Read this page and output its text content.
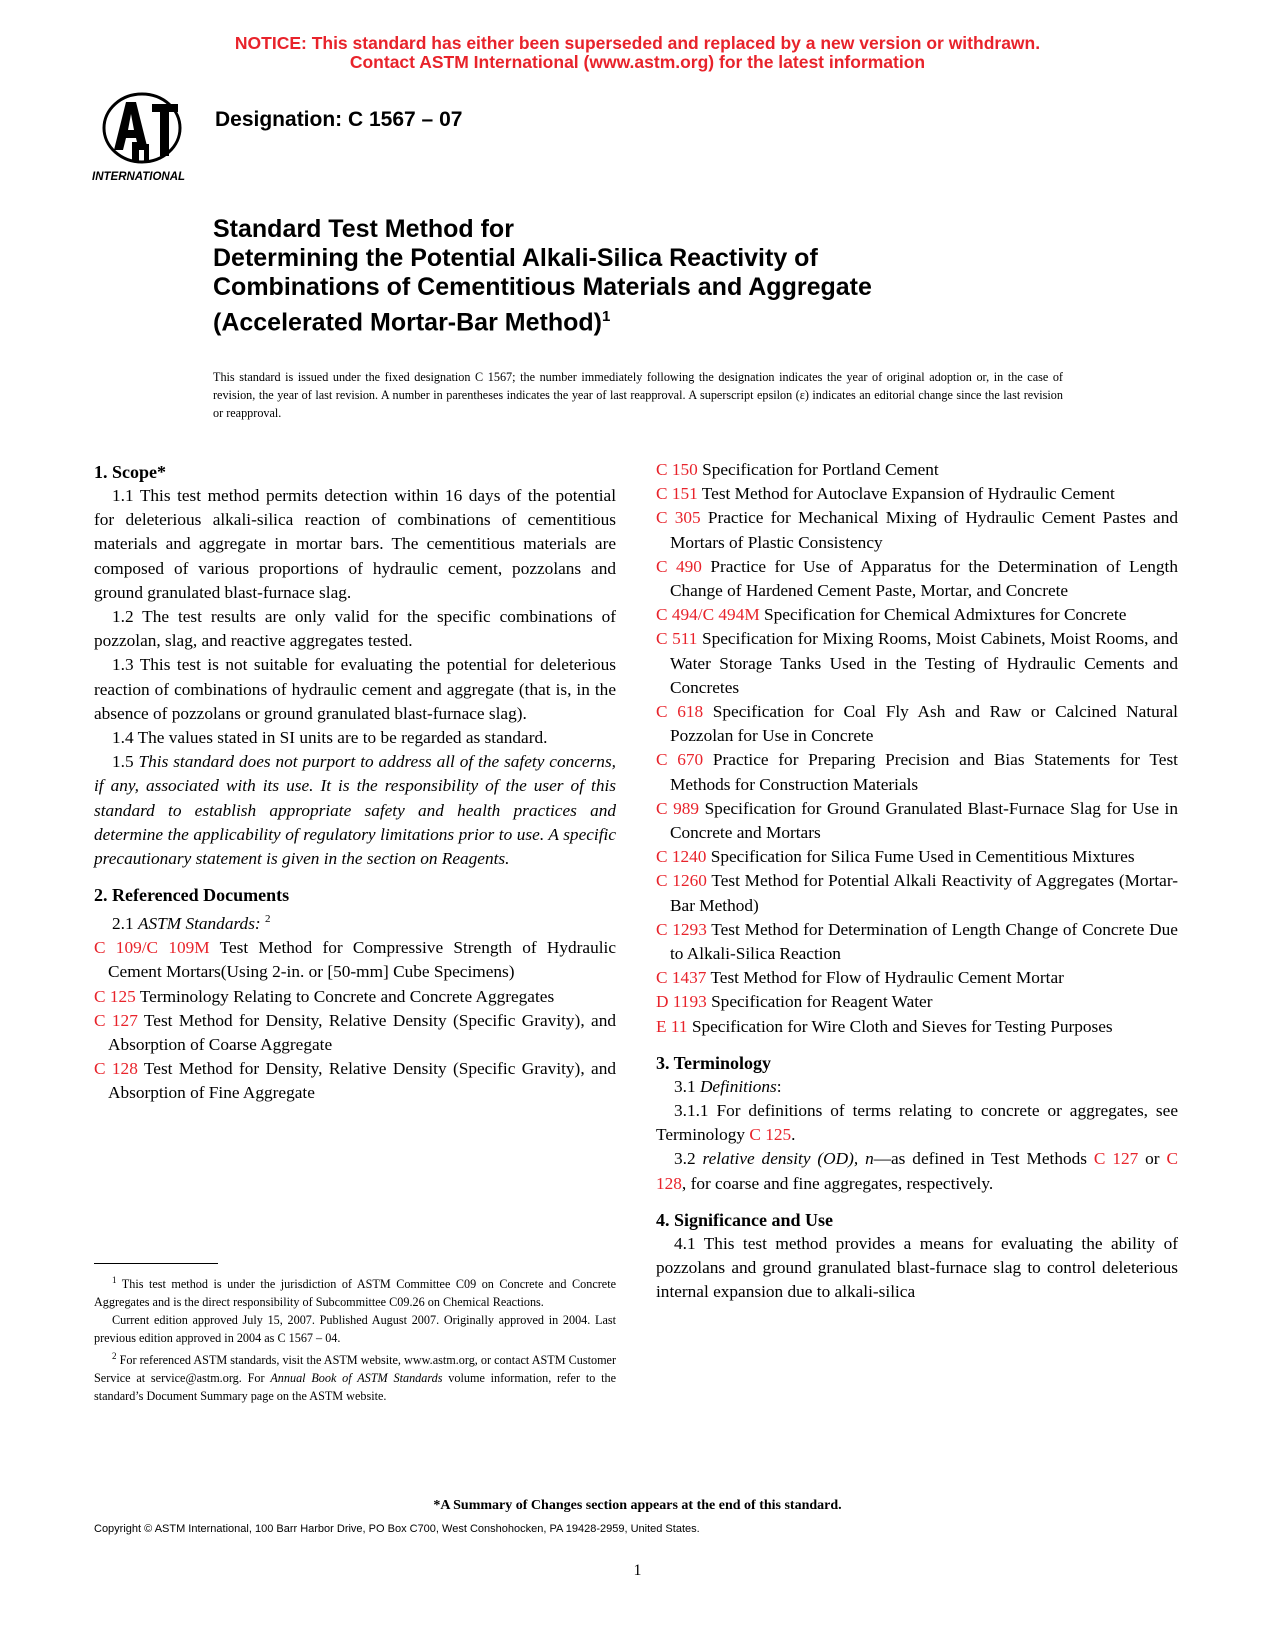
NOTICE: This standard has either been superseded and replaced by a new version or withdrawn.
Contact ASTM International (www.astm.org) for the latest information
INTERNATIONAL
Designation: C 1567 – 07
Standard Test Method for
Determining the Potential Alkali-Silica Reactivity of
Combinations of Cementitious Materials and Aggregate
(Accelerated Mortar-Bar Method)$^1$
This standard is issued under the fixed designation C 1567; the number immediately following the designation indicates the year of original adoption or, in the case of revision, the year of last revision. A number in parentheses indicates the year of last reapproval. A superscript epsilon (ε) indicates an editorial change since the last revision or reapproval.
1. Scope*

1.1 This test method permits detection within 16 days of the potential for deleterious alkali-silica reaction of combinations of cementitious materials and aggregate in mortar bars. The cementitious materials are composed of various proportions of hydraulic cement, pozzolans and ground granulated blast-furnace slag.

1.2 The test results are only valid for the specific combinations of pozzolan, slag, and reactive aggregates tested.

1.3 This test is not suitable for evaluating the potential for deleterious reaction of combinations of hydraulic cement and aggregate (that is, in the absence of pozzolans or ground granulated blast-furnace slag).

1.4 The values stated in SI units are to be regarded as standard.

1.5 This standard does not purport to address all of the safety concerns, if any, associated with its use. It is the responsibility of the user of this standard to establish appropriate safety and health practices and determine the applicability of regulatory limitations prior to use. A specific precautionary statement is given in the section on Reagents.

2. Referenced Documents

2.1 ASTM Standards: $^2$

C 109/C 109M Test Method for Compressive Strength of Hydraulic Cement Mortars(Using 2-in. or [50-mm] Cube Specimens)

C 125 Terminology Relating to Concrete and Concrete Aggregates

C 127 Test Method for Density, Relative Density (Specific Gravity), and Absorption of Coarse Aggregate

C 128 Test Method for Density, Relative Density (Specific Gravity), and Absorption of Fine Aggregate

C 150 Specification for Portland Cement

C 151 Test Method for Autoclave Expansion of Hydraulic Cement

C 305 Practice for Mechanical Mixing of Hydraulic Cement Pastes and Mortars of Plastic Consistency

C 490 Practice for Use of Apparatus for the Determination of Length Change of Hardened Cement Paste, Mortar, and Concrete

C 494/C 494M Specification for Chemical Admixtures for Concrete

C 511 Specification for Mixing Rooms, Moist Cabinets, Moist Rooms, and Water Storage Tanks Used in the Testing of Hydraulic Cements and Concretes

C 618 Specification for Coal Fly Ash and Raw or Calcined Natural Pozzolan for Use in Concrete

C 670 Practice for Preparing Precision and Bias Statements for Test Methods for Construction Materials

C 989 Specification for Ground Granulated Blast-Furnace Slag for Use in Concrete and Mortars

C 1240 Specification for Silica Fume Used in Cementitious Mixtures

C 1260 Test Method for Potential Alkali Reactivity of Aggregates (Mortar-Bar Method)

C 1293 Test Method for Determination of Length Change of Concrete Due to Alkali-Silica Reaction

C 1437 Test Method for Flow of Hydraulic Cement Mortar

D 1193 Specification for Reagent Water

E 11 Specification for Wire Cloth and Sieves for Testing Purposes

3. Terminology

3.1 Definitions:

3.1.1 For definitions of terms relating to concrete or aggregates, see Terminology C 125.

3.2 relative density (OD), n—as defined in Test Methods C 127 or C 128, for coarse and fine aggregates, respectively.

4. Significance and Use

4.1 This test method provides a means for evaluating the ability of pozzolans and ground granulated blast-furnace slag to control deleterious internal expansion due to alkali-silica

$^1$ This test method is under the jurisdiction of ASTM Committee C09 on Concrete and Concrete Aggregates and is the direct responsibility of Subcommittee C09.26 on Chemical Reactions.

Current edition approved July 15, 2007. Published August 2007. Originally approved in 2004. Last previous edition approved in 2004 as C 1567 – 04.

$^2$ For referenced ASTM standards, visit the ASTM website, www.astm.org, or contact ASTM Customer Service at service@astm.org. For Annual Book of ASTM Standards volume information, refer to the standard’s Document Summary page on the ASTM website.

*A Summary of Changes section appears at the end of this standard.
Copyright © ASTM International, 100 Barr Harbor Drive, PO Box C700, West Conshohocken, PA 19428-2959, United States.
1
